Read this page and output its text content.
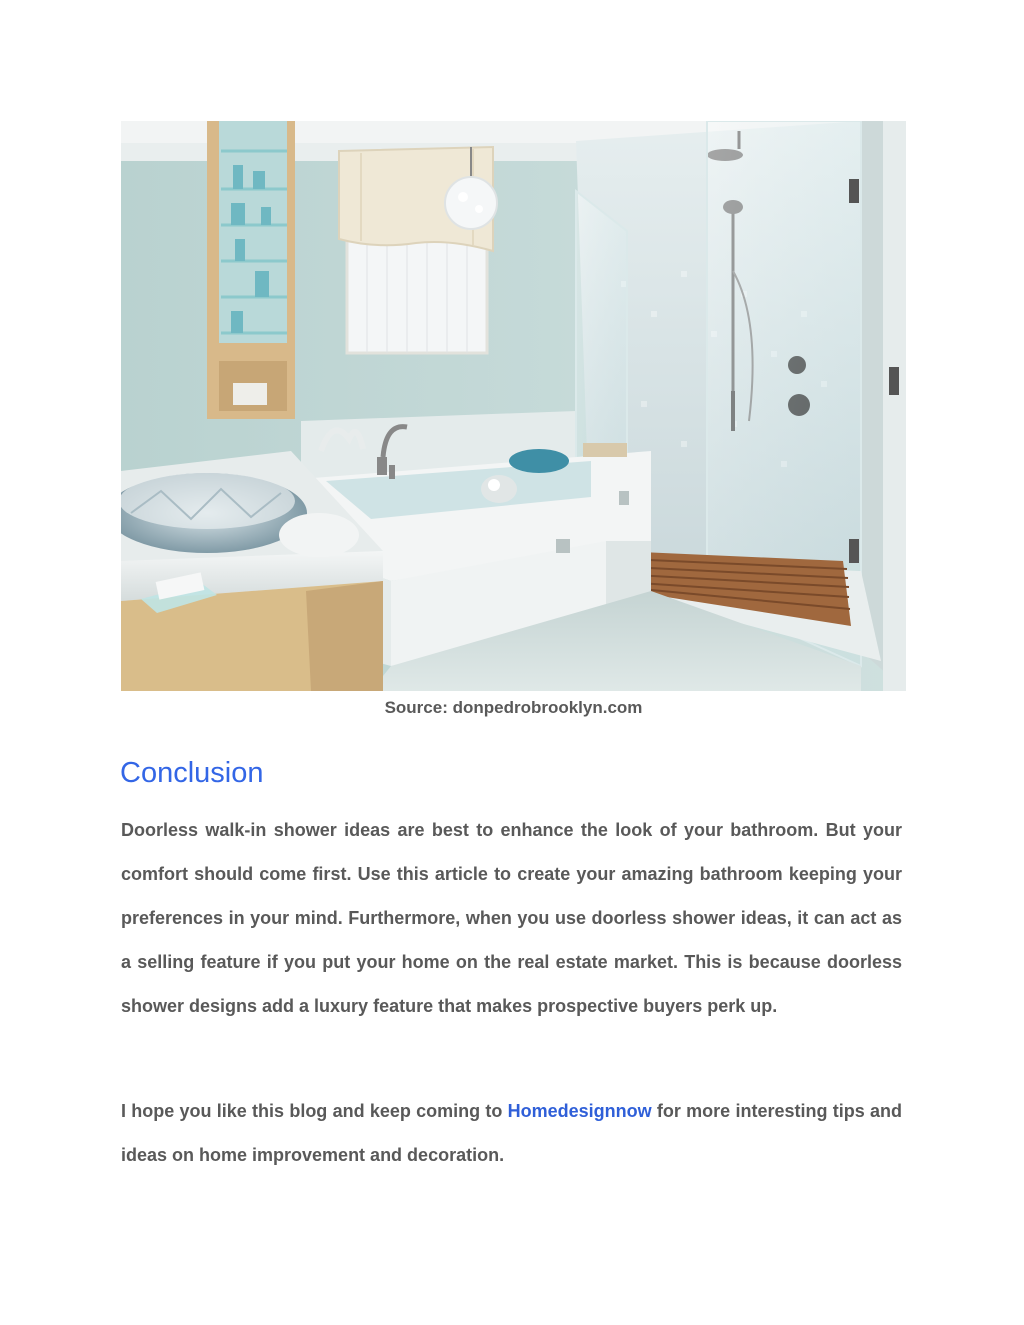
Source: donpedrobrooklyn.com
Conclusion

Doorless walk-in shower ideas are best to enhance the look of your bathroom. But your comfort should come first. Use this article to create your amazing bathroom keeping your preferences in your mind. Furthermore, when you use doorless shower ideas, it can act as a selling feature if you put your home on the real estate market. This is because doorless shower designs add a luxury feature that makes prospective buyers perk up.

I hope you like this blog and keep coming to Homedesignnow for more interesting tips and ideas on home improvement and decoration.
